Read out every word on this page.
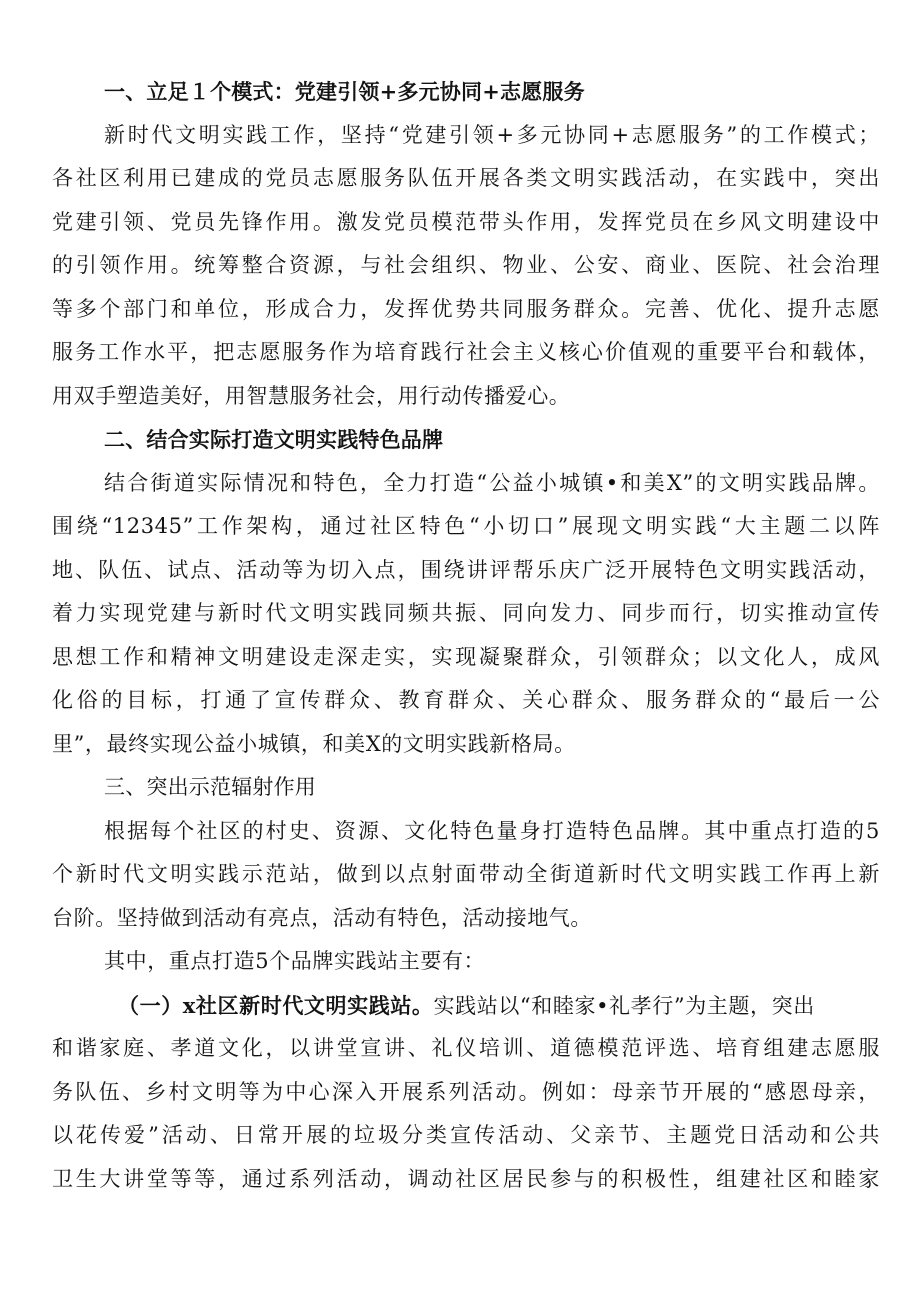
一、立足１个模式：党建引领+多元协同+志愿服务
新时代文明实践工作，坚持“党建引领+多元协同+志愿服务”的工作模式；
各社区利用已建成的党员志愿服务队伍开展各类文明实践活动，在实践中，突出
党建引领、党员先锋作用。激发党员模范带头作用，发挥党员在乡风文明建设中
的引领作用。统筹整合资源，与社会组织、物业、公安、商业、医院、社会治理
等多个部门和单位，形成合力，发挥优势共同服务群众。完善、优化、提升志愿
服务工作水平，把志愿服务作为培育践行社会主义核心价值观的重要平台和载体，
用双手塑造美好，用智慧服务社会，用行动传播爱心。
二、结合实际打造文明实践特色品牌
结合街道实际情况和特色，全力打造“公益小城镇•和美X”的文明实践品牌。
围绕“12345”工作架构，通过社区特色“小切口”展现文明实践“大主题二以阵
地、队伍、试点、活动等为切入点，围绕讲评帮乐庆广泛开展特色文明实践活动，
着力实现党建与新时代文明实践同频共振、同向发力、同步而行，切实推动宣传
思想工作和精神文明建设走深走实，实现凝聚群众，引领群众；以文化人，成风
化俗的目标，打通了宣传群众、教育群众、关心群众、服务群众的“最后一公
里”，最终实现公益小城镇，和美X的文明实践新格局。
三、突出示范辐射作用
根据每个社区的村史、资源、文化特色量身打造特色品牌。其中重点打造的5
个新时代文明实践示范站，做到以点射面带动全街道新时代文明实践工作再上新
台阶。坚持做到活动有亮点，活动有特色，活动接地气。
其中，重点打造5个品牌实践站主要有：
（一）x社区新时代文明实践站。实践站以“和睦家•礼孝行”为主题，突出
和谐家庭、孝道文化，以讲堂宣讲、礼仪培训、道德模范评选、培育组建志愿服
务队伍、乡村文明等为中心深入开展系列活动。例如：母亲节开展的“感恩母亲，
以花传爱”活动、日常开展的垃圾分类宣传活动、父亲节、主题党日活动和公共
卫生大讲堂等等，通过系列活动，调动社区居民参与的积极性，组建社区和睦家
